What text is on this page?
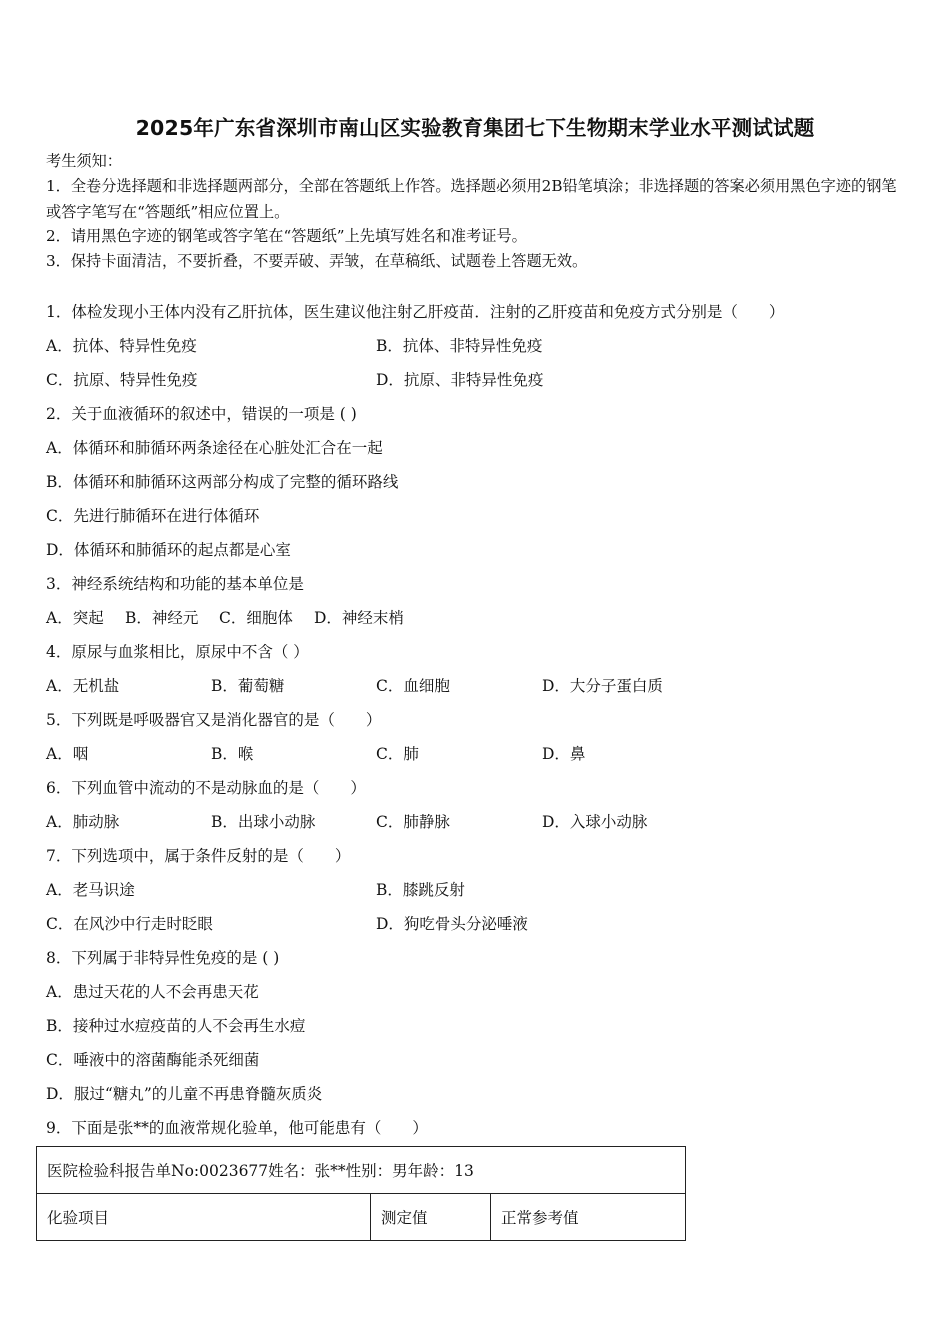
2025年广东省深圳市南山区实验教育集团七下生物期末学业水平测试试题
考生须知：
1．全卷分选择题和非选择题两部分，全部在答题纸上作答。选择题必须用2B铅笔填涂；非选择题的答案必须用黑色字迹的钢笔或答字笔写在“答题纸”相应位置上。
2．请用黑色字迹的钢笔或答字笔在“答题纸”上先填写姓名和准考证号。
3．保持卡面清洁，不要折叠，不要弄破、弄皱，在草稿纸、试题卷上答题无效。
1．体检发现小王体内没有乙肝抗体，医生建议他注射乙肝疫苗．注射的乙肝疫苗和免疫方式分别是（　　）
A．抗体、特异性免疫	B．抗体、非特异性免疫
C．抗原、特异性免疫	D．抗原、非特异性免疫
2．关于血液循环的叙述中，错误的一项是 ( )
A．体循环和肺循环两条途径在心脏处汇合在一起
B．体循环和肺循环这两部分构成了完整的循环路线
C．先进行肺循环在进行体循环
D．体循环和肺循环的起点都是心室
3．神经系统结构和功能的基本单位是
A．突起 B．神经元 C．细胞体 D．神经末梢
4．原尿与血浆相比，原尿中不含（ ）
A．无机盐	B．葡萄糖	C．血细胞	D．大分子蛋白质
5．下列既是呼吸器官又是消化器官的是（　　）
A．咽	B．喉	C．肺	D．鼻
6．下列血管中流动的不是动脉血的是（　　）
A．肺动脉	B．出球小动脉	C．肺静脉	D．入球小动脉
7．下列选项中，属于条件反射的是（　　）
A．老马识途	B．膝跳反射
C．在风沙中行走时眨眼	D．狗吃骨头分泌唾液
8．下列属于非特异性免疫的是 ( )
A．患过天花的人不会再患天花
B．接种过水痘疫苗的人不会再生水痘
C．唾液中的溶菌酶能杀死细菌
D．服过“糖丸”的儿童不再患脊髓灰质炎
9．下面是张**的血液常规化验单，他可能患有（　　）
医院检验科报告单No:0023677姓名：张**性别：男年龄：13
化验项目	测定值	正常参考值
